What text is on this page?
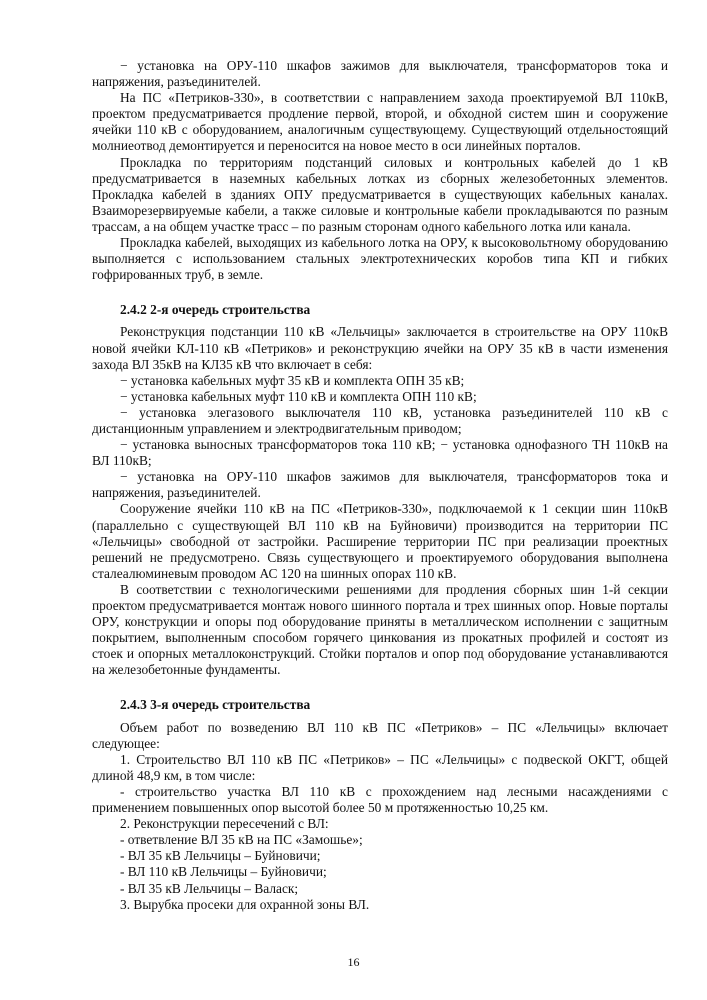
− установка на ОРУ-110 шкафов зажимов для выключателя, трансформаторов тока и напряжения, разъединителей.

На ПС «Петриков-330», в соответствии с направлением захода проектируемой ВЛ 110кВ, проектом предусматривается продление первой, второй, и обходной систем шин и сооружение ячейки 110 кВ с оборудованием, аналогичным существующему. Существующий отдельностоящий молниеотвод демонтируется и переносится на новое место в оси линейных порталов.

Прокладка по территориям подстанций силовых и контрольных кабелей до 1 кВ предусматривается в наземных кабельных лотках из сборных железобетонных элементов. Прокладка кабелей в зданиях ОПУ предусматривается в существующих кабельных каналах. Взаиморезервируемые кабели, а также силовые и контрольные кабели прокладываются по разным трассам, а на общем участке трасс – по разным сторонам одного кабельного лотка или канала.

Прокладка кабелей, выходящих из кабельного лотка на ОРУ, к высоковольтному оборудованию выполняется с использованием стальных электротехнических коробов типа КП и гибких гофрированных труб, в земле.

2.4.2 2-я очередь строительства

Реконструкция подстанции 110 кВ «Лельчицы» заключается в строительстве на ОРУ 110кВ новой ячейки КЛ-110 кВ «Петриков» и реконструкцию ячейки на ОРУ 35 кВ в части изменения захода ВЛ 35кВ на КЛ35 кВ что включает в себя:

− установка кабельных муфт 35 кВ и комплекта ОПН 35 кВ;

− установка кабельных муфт 110 кВ и комплекта ОПН 110 кВ;

− установка элегазового выключателя 110 кВ, установка разъединителей 110 кВ с дистанционным управлением и электродвигательным приводом;

− установка выносных трансформаторов тока 110 кВ; − установка однофазного ТН 110кВ на ВЛ 110кВ;

− установка на ОРУ-110 шкафов зажимов для выключателя, трансформаторов тока и напряжения, разъединителей.

Сооружение ячейки 110 кВ на ПС «Петриков-330», подключаемой к 1 секции шин 110кВ (параллельно с существующей ВЛ 110 кВ на Буйновичи) производится на территории ПС «Лельчицы» свободной от застройки. Расширение территории ПС при реализации проектных решений не предусмотрено. Связь существующего и проектируемого оборудования выполнена сталеалюминевым проводом АС 120 на шинных опорах 110 кВ.

В соответствии с технологическими решениями для продления сборных шин 1-й секции проектом предусматривается монтаж нового шинного портала и трех шинных опор. Новые порталы ОРУ, конструкции и опоры под оборудование приняты в металлическом исполнении с защитным покрытием, выполненным способом горячего цинкования из прокатных профилей и состоят из стоек и опорных металлоконструкций. Стойки порталов и опор под оборудование устанавливаются на железобетонные фундаменты.

2.4.3 3-я очередь строительства

Объем работ по возведению ВЛ 110 кВ ПС «Петриков» – ПС «Лельчицы» включает следующее:

1. Строительство ВЛ 110 кВ ПС «Петриков» – ПС «Лельчицы» с подвеской ОКГТ, общей длиной 48,9 км, в том числе:

- строительство участка ВЛ 110 кВ с прохождением над лесными насаждениями с применением повышенных опор высотой более 50 м протяженностью 10,25 км.

2. Реконструкции пересечений с ВЛ:

- ответвление ВЛ 35 кВ на ПС «Замошье»;

- ВЛ 35 кВ Лельчицы – Буйновичи;

- ВЛ 110 кВ Лельчицы – Буйновичи;

- ВЛ 35 кВ Лельчицы – Валаск;

3. Вырубка просеки для охранной зоны ВЛ.

16
